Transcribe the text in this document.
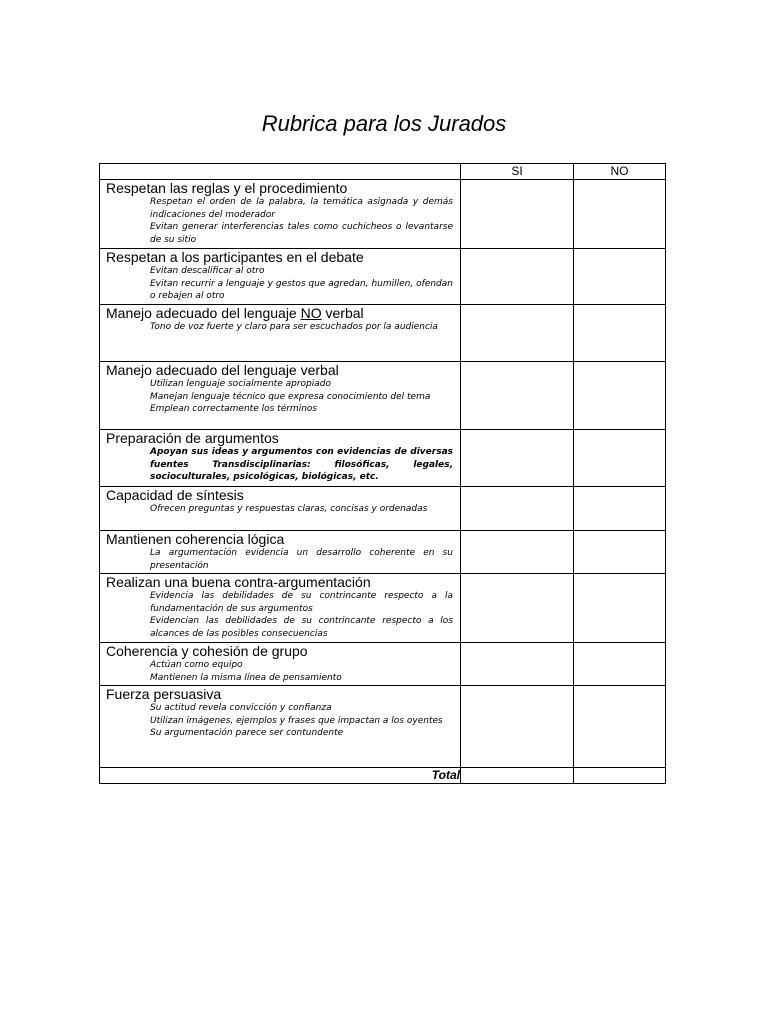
Rubrica para los Jurados
	SI	NO

Respetan las reglas y el procedimiento
Respetan el orden de la palabra, la temática asignada y demás indicaciones del moderador
Evitan generar interferencias tales como cuchicheos o levantarse de su sitio		

Respetan a los participantes en el debate
Evitan descalificar al otro
Evitan recurrir a lenguaje y gestos que agredan, humillen, ofendan o rebajen al otro		

Manejo adecuado del lenguaje NO verbal
Tono de voz fuerte y claro para ser escuchados por la audiencia		

Manejo adecuado del lenguaje verbal
Utilizan lenguaje socialmente apropiado
Manejan lenguaje técnico que expresa conocimiento del tema
Emplean correctamente los términos		

Preparación de argumentos
Apoyan sus ideas y argumentos con evidencias de diversas fuentes Transdisciplinarias: filosóficas, legales, socioculturales, psicológicas, biológicas, etc.		

Capacidad de síntesis
Ofrecen preguntas y respuestas claras, concisas y ordenadas		

Mantienen coherencia lógica
La argumentación evidencia un desarrollo coherente en su presentación		

Realizan una buena contra-argumentación
Evidencia las debilidades de su contrincante respecto a la fundamentación de sus argumentos
Evidencian las debilidades de su contrincante respecto a los alcances de las posibles consecuencias		

Coherencia y cohesión de grupo
Actúan como equipo
Mantienen la misma línea de pensamiento		

Fuerza persuasiva
Su actitud revela convicción y confianza
Utilizan imágenes, ejemplos y frases que impactan a los oyentes
Su argumentación parece ser contundente		

Total		
